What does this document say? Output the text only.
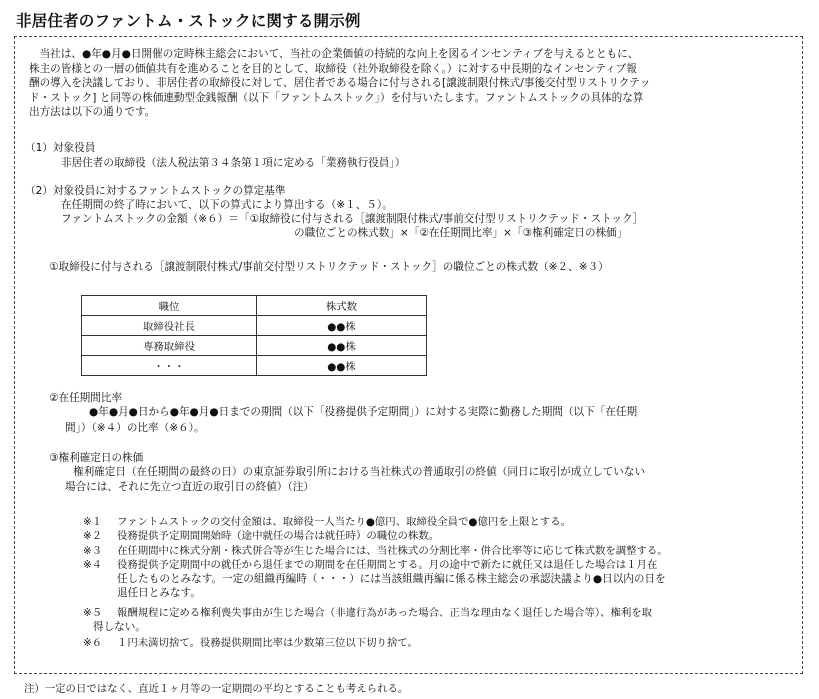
非居住者のファントム・ストックに関する開示例
　当社は、●年●月●日開催の定時株主総会において、当社の企業価値の持続的な向上を図るインセンティブを与えるとともに、
株主の皆様との一層の価値共有を進めることを目的として、取締役（社外取締役を除く。）に対する中長期的なインセンティブ報
酬の導入を決議しており、非居住者の取締役に対して、居住者である場合に付与される[譲渡制限付株式/事後交付型リストリクテッ
ド・ストック] と同等の株価連動型金銭報酬（以下「ファントムストック」）を付与いたします。ファントムストックの具体的な算
出方法は以下の通りです。
（1）対象役員
非居住者の取締役（法人税法第３４条第１項に定める「業務執行役員」）
（2）対象役員に対するファントムストックの算定基準
在任期間の終了時において、以下の算式により算出する（※１、５）。
ファントムストックの金額（※６）＝「①取締役に付与される［譲渡制限付株式/事前交付型リストリクテッド・ストック］
の職位ごとの株式数」×「②在任期間比率」×「③権利確定日の株価」
①取締役に付与される［譲渡制限付株式/事前交付型リストリクテッド・ストック］の職位ごとの株式数（※２、※３）
職位	株式数
取締役社長	●●株
専務取締役	●●株
・・・	●●株
②在任期間比率
●年●月●日から●年●月●日までの期間（以下「役務提供予定期間」）に対する実際に勤務した期間（以下「在任期
間」）（※４）の比率（※６）。
③権利確定日の株価
権利確定日（在任期間の最終の日）の東京証券取引所における当社株式の普通取引の終値（同日に取引が成立していない
場合には、それに先立つ直近の取引日の終値）（注）
※１ ファントムストックの交付金額は、取締役一人当たり●億円、取締役全員で●億円を上限とする。
※２ 役務提供予定期間開始時（途中就任の場合は就任時）の職位の株数。
※３ 在任期間中に株式分割・株式併合等が生じた場合には、当社株式の分割比率・併合比率等に応じて株式数を調整する。
※４ 役務提供予定期間中の就任から退任までの期間を在任期間とする。月の途中で新たに就任又は退任した場合は１月在
任したものとみなす。一定の組織再編時（・・・）には当該組織再編に係る株主総会の承認決議より●日以内の日を
退任日とみなす。
※５ 報酬規程に定める権利喪失事由が生じた場合（非違行為があった場合、正当な理由なく退任した場合等）、権利を取
得しない。
※６ １円未満切捨て。役務提供期間比率は少数第三位以下切り捨て。
注）一定の日ではなく、直近１ヶ月等の一定期間の平均とすることも考えられる。
